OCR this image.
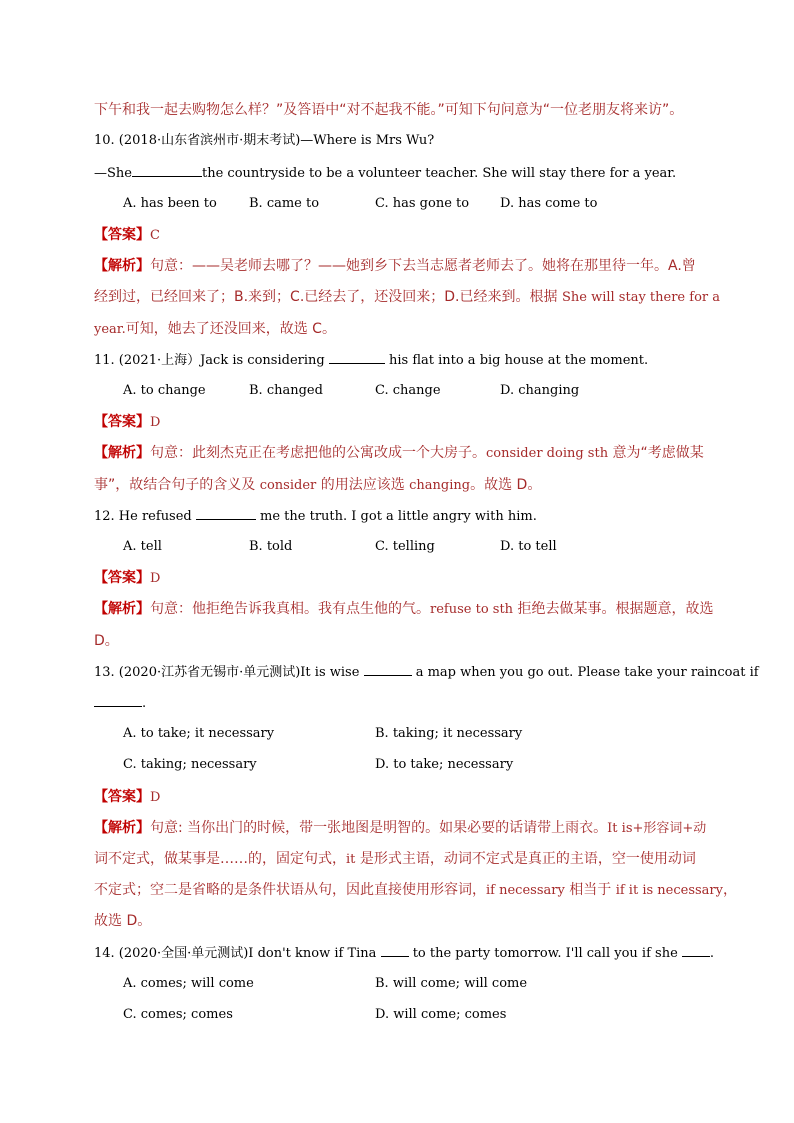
下午和我一起去购物怎么样？”及答语中“对不起我不能。”可知下句问意为“一位老朋友将来访”。
10. (2018·山东省滨州市·期末考试)—Where is Mrs Wu?
—She	the countryside to be a volunteer teacher. She will stay there for a year.
A. has been to B. came to	C. has gone to D. has come to
【答案】C
【解析】句意：——吴老师去哪了？——她到乡下去当志愿者老师去了。她将在那里待一年。A.曾
经到过，已经回来了；B.来到；C.已经去了，还没回来；D.已经来到。根据 She will stay there for a
year.可知，她去了还没回来，故选 C。
11. (2021·上海）Jack is considering	his flat into a big house at the moment.
A. to change	B. changed	C. change	D. changing
【答案】D
【解析】句意：此刻杰克正在考虑把他的公寓改成一个大房子。consider doing sth 意为“考虑做某
事”，故结合句子的含义及 consider 的用法应该选 changing。故选 D。
12. He refused	me the truth. I got a little angry with him.
A. tell	B. told	C. telling	D. to tell
【答案】D
【解析】句意：他拒绝告诉我真相。我有点生他的气。refuse to sth 拒绝去做某事。根据题意，故选
D。
13. (2020·江苏省无锡市·单元测试)It is wise	a map when you go out. Please take your raincoat if
.
A. to take; it necessary	B. taking; it necessary
C. taking; necessary	D. to take; necessary
【答案】D
【解析】句意: 当你出门的时候，带一张地图是明智的。如果必要的话请带上雨衣。It is+形容词+动
词不定式，做某事是……的，固定句式，it 是形式主语，动词不定式是真正的主语，空一使用动词
不定式；空二是省略的是条件状语从句，因此直接使用形容词，if necessary 相当于 if it is necessary，
故选 D。
14. (2020·全国·单元测试)I don't know if Tina	to the party tomorrow. I'll call you if she .
A. comes; will come	B. will come; will come
C. comes; comes	D. will come; comes
